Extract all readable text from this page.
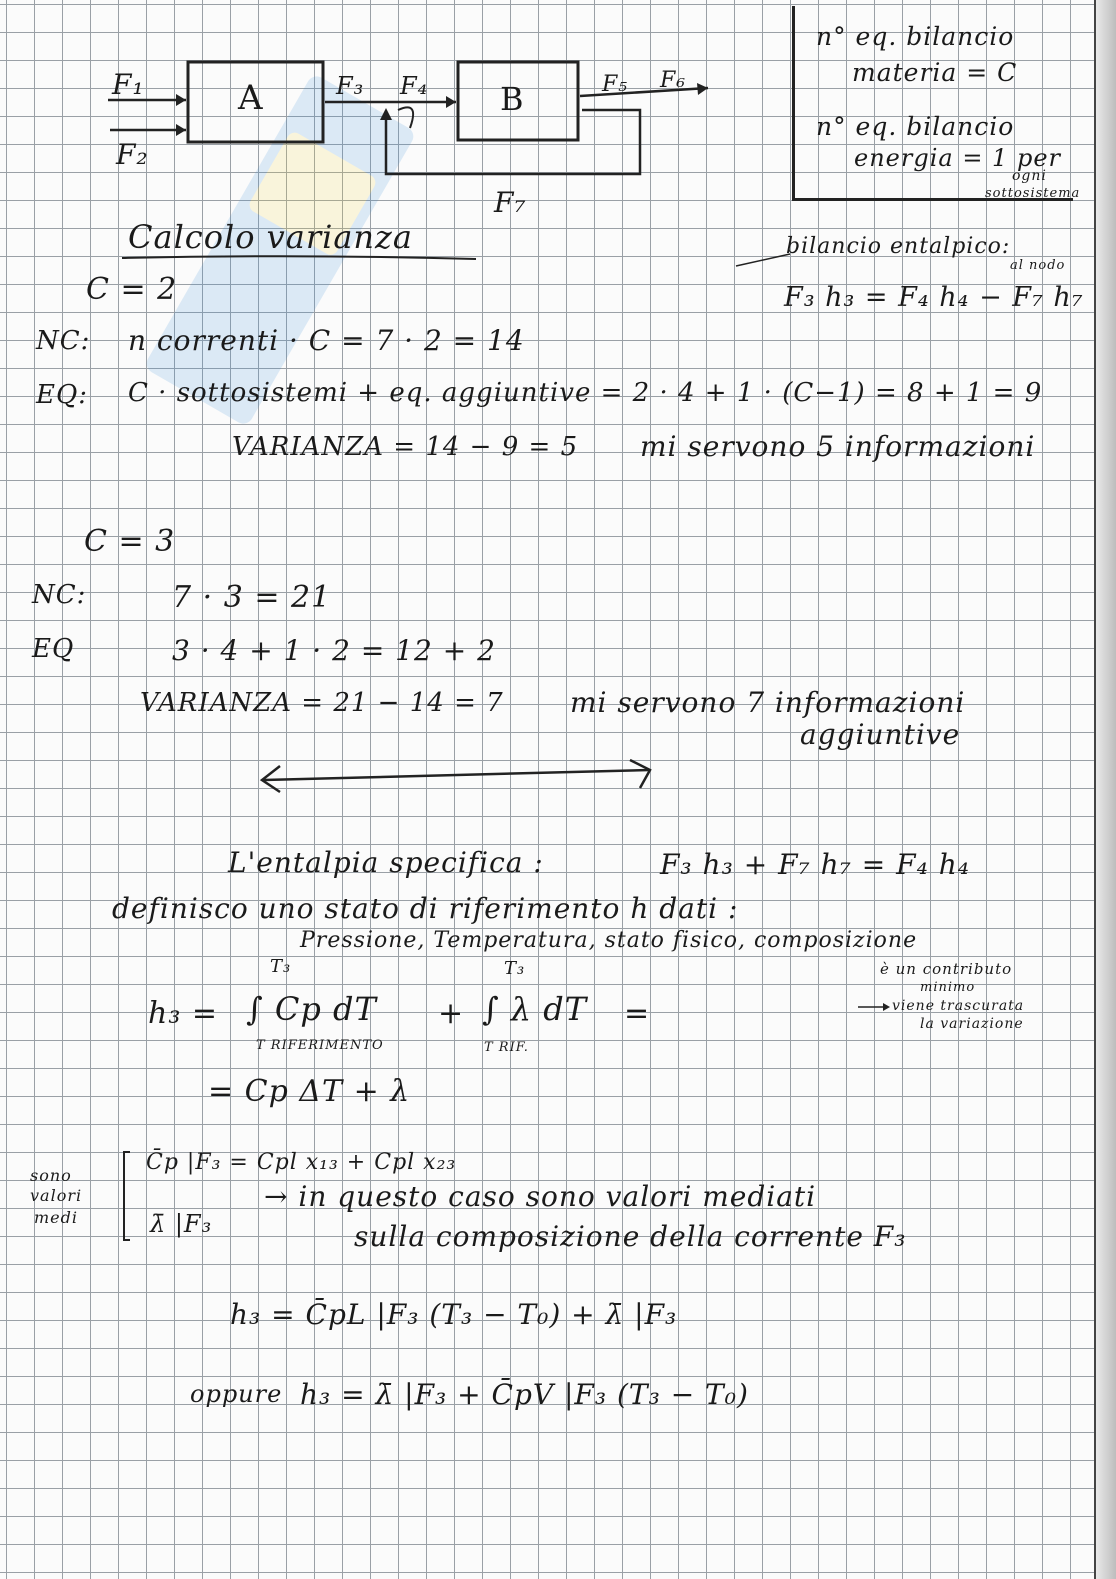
A	B
F₁
F₂
F₃ F₄	F₅ F₆
F₇
n° eq. bilancio
materia = C
n° eq. bilancio
energia = 1 per
ogni
sottosistema
bilancio entalpico:
al nodo
F₃ h₃ = F₄ h₄ − F₇ h₇
Calcolo varianza
C = 2
NC: n correnti · C = 7 · 2 = 14
EQ: C · sottosistemi + eq. aggiuntive = 2 · 4 + 1 · (C−1) = 8 + 1 = 9
VARIANZA = 14 − 9 = 5 mi servono 5 informazioni
C = 3
NC:	7 · 3 = 21
EQ	3 · 4 + 1 · 2 = 12 + 2
VARIANZA = 21 − 14 = 7 mi servono 7 informazioni
aggiuntive
L'entalpia specifica :	F₃ h₃ + F₇ h₇ = F₄ h₄
definisco uno stato di riferimento h dati :
Pressione, Temperatura, stato fisico, composizione
h₃ =
T₃
∫ Cp dT
T RIFERIMENTO
+
T₃
∫ λ dT
T RIF.
=
è un contributo
minimo
viene trascurata
la variazione
= Cp ΔT + λ
sono
valori
medi
C̄p |F₃ = Cpl x₁₃ + Cpl x₂₃
λ̄ |F₃
→ in questo caso sono valori mediati
sulla composizione della corrente F₃
h₃ = C̄pL |F₃ (T₃ − T₀) + λ̄ |F₃
oppure h₃ = λ̄ |F₃ + C̄pV |F₃ (T₃ − T₀)
